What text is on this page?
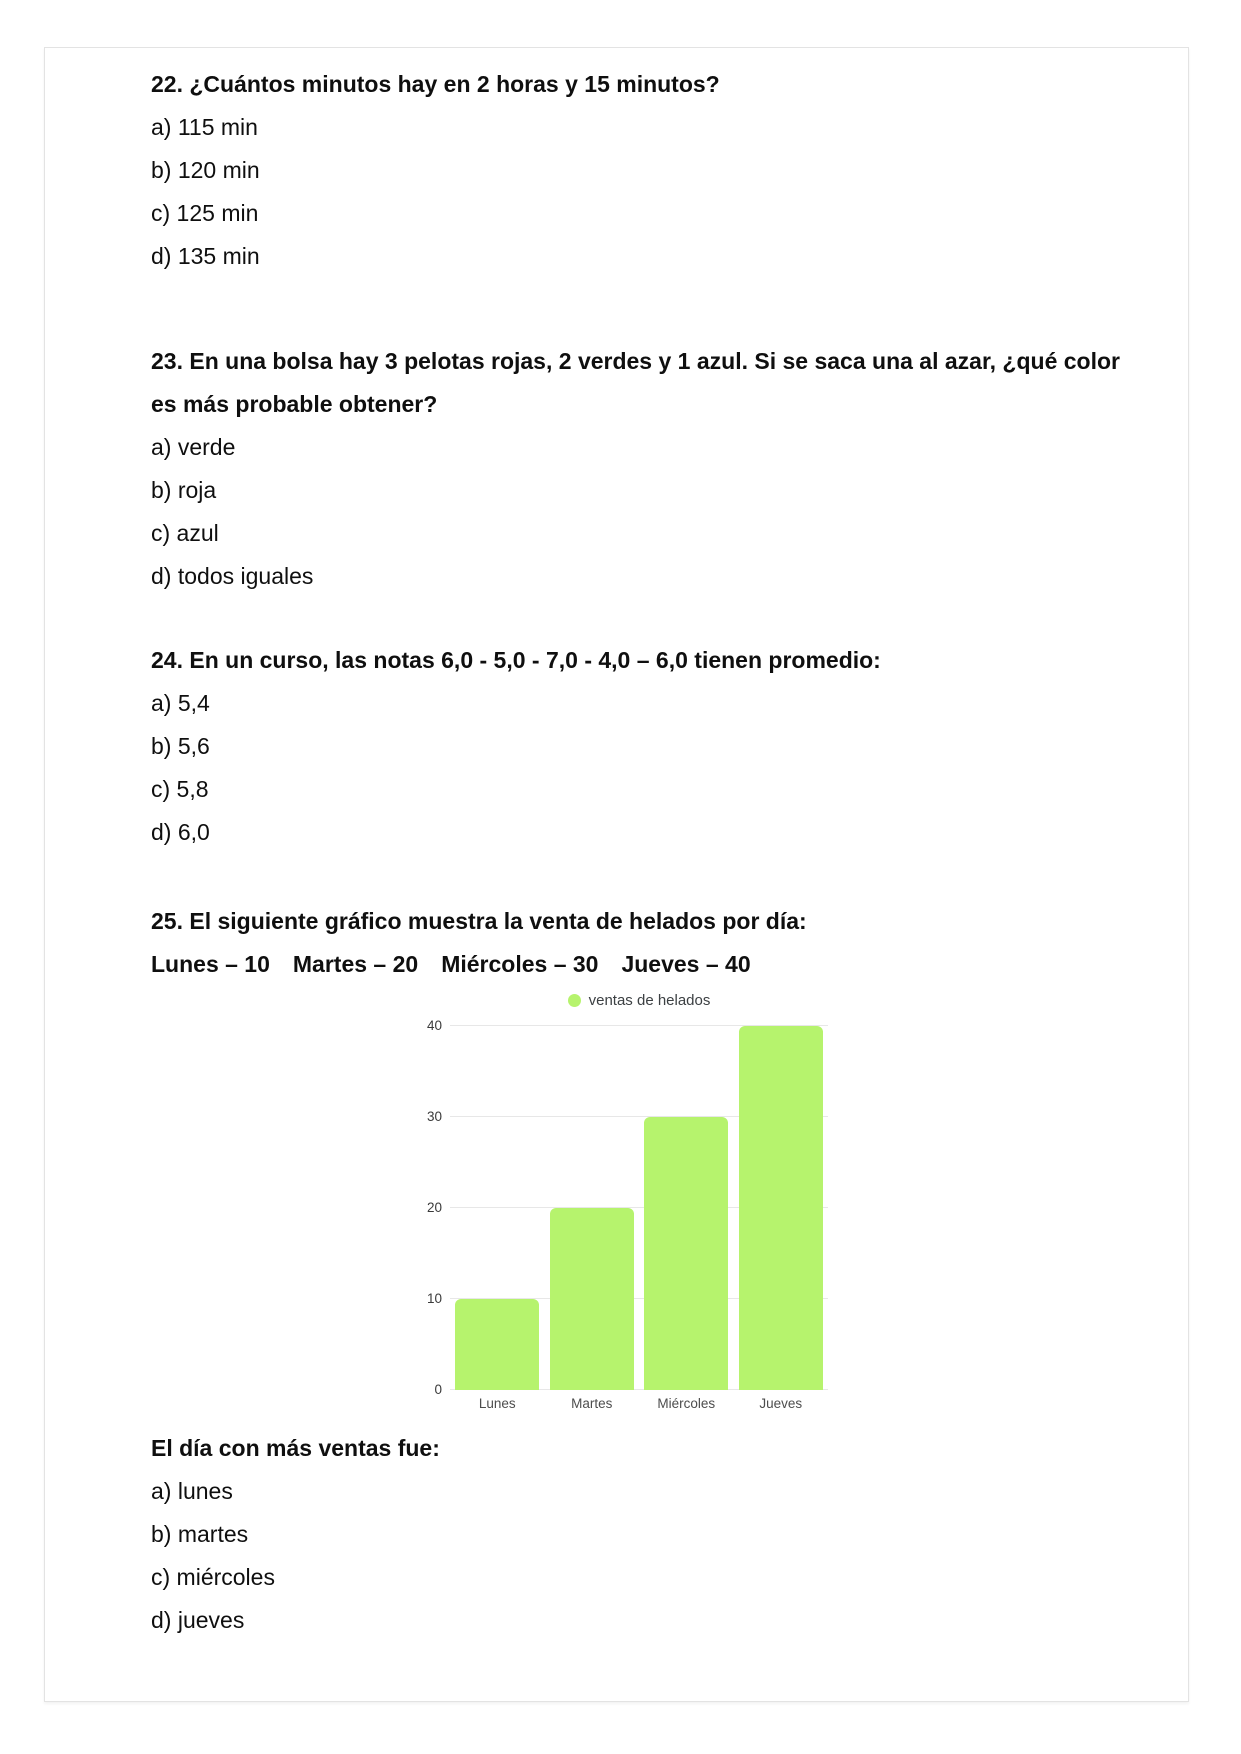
22. ¿Cuántos minutos hay en 2 horas y 15 minutos?
a) 115 min
b) 120 min
c) 125 min
d) 135 min
23. En una bolsa hay 3 pelotas rojas, 2 verdes y 1 azul. Si se saca una al azar, ¿qué color es más probable obtener?
a) verde
b) roja
c) azul
d) todos iguales
24. En un curso, las notas 6,0 - 5,0 - 7,0 - 4,0 – 6,0 tienen promedio:
a) 5,4
b) 5,6
c) 5,8
d) 6,0
25. El siguiente gráfico muestra la venta de helados por día:
Lunes – 10 Martes – 20 Miércoles – 30 Jueves – 40
ventas de helados
0
10
20
30
40
Lunes	Martes	Miércoles	Jueves
El día con más ventas fue:
a) lunes
b) martes
c) miércoles
d) jueves
